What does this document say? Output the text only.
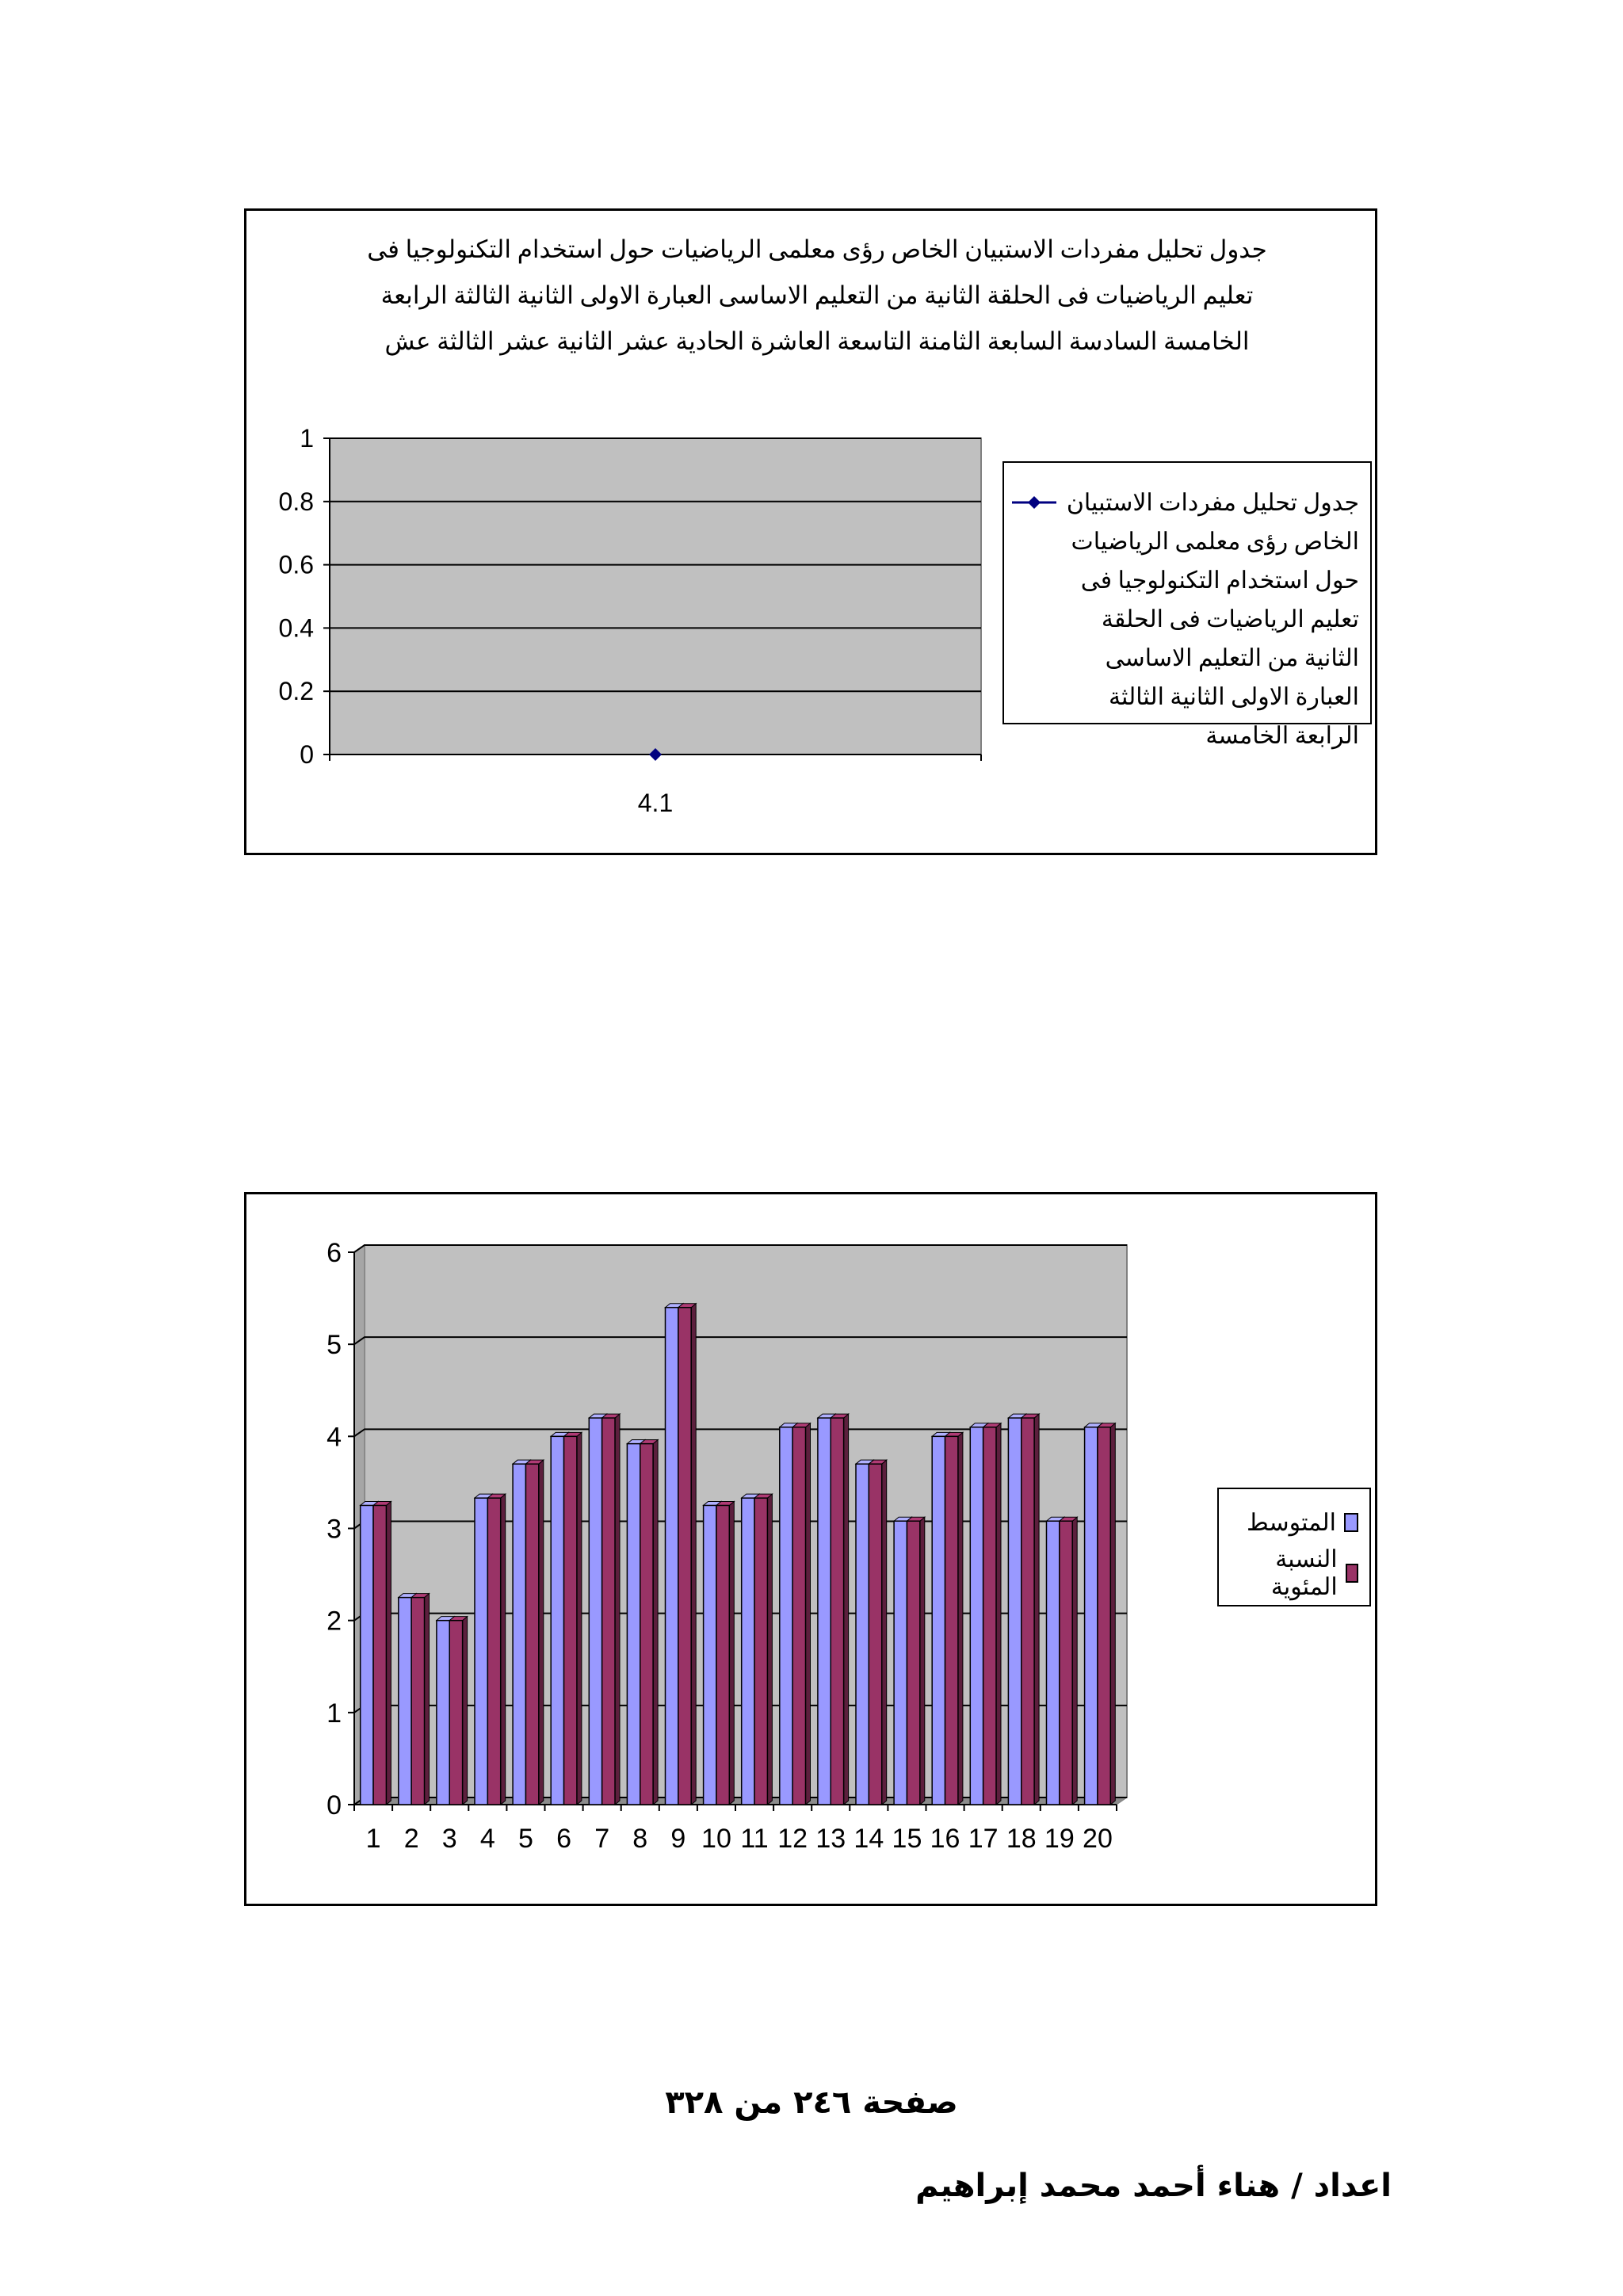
جدول تحليل مفردات الاستبيان الخاص رؤى معلمى الرياضيات حول استخدام التكنولوجيا فى تعليم الرياضيات فى الحلقة الثانية من التعليم الاساسى العبارة الاولى الثانية الثالثة الرابعة الخامسة السادسة السابعة الثامنة التاسعة العاشرة الحادية عشر الثانية عشر الثالثة عش
0
0.2
0.4
0.6
0.8
1
4.1
جدول تحليل مفردات الاستبيان الخاص رؤى معلمى الرياضيات حول استخدام التكنولوجيا فى تعليم الرياضيات فى الحلقة الثانية من التعليم الاساسى العبارة الاولى الثانية الثالثة الرابعة الخامسة
0
1
2
3
4
5
6
1 2 3 4 5 6 7 8 9 10 11 12 13 14 15 16 17 18 19 20
المتوسط
النسبة المئوية
صفحة ٢٤٦ من ٣٢٨
اعداد / هناء أحمد محمد إبراهيم
